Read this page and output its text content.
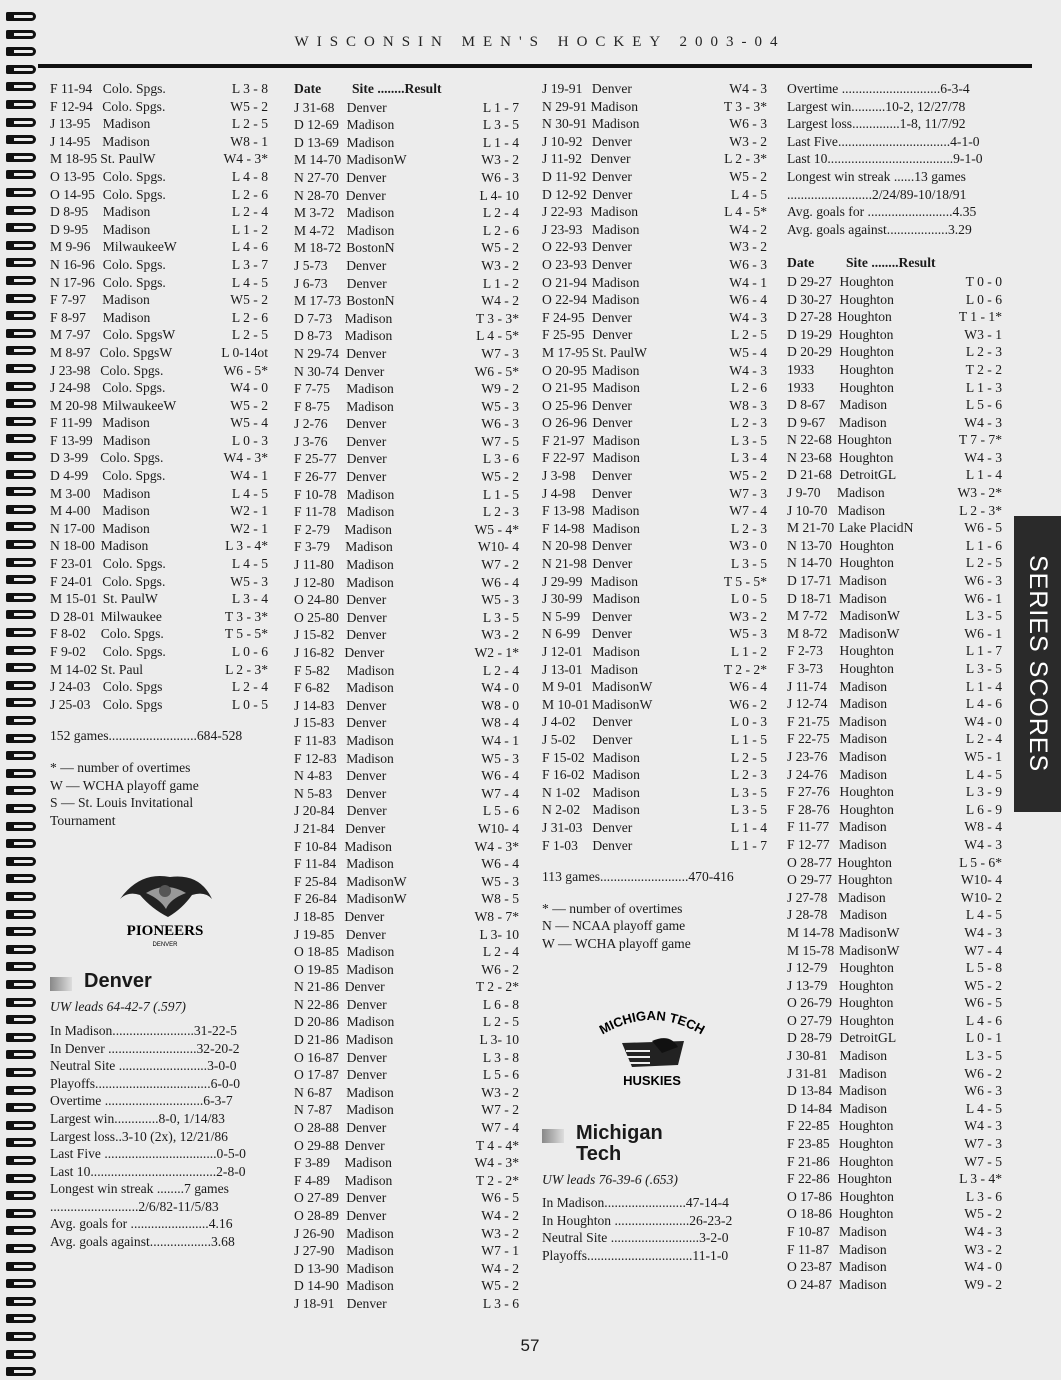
WISCONSIN MEN'S HOCKEY 2003-04
F 11-94 Colo. Spgs.	L 3 - 8
F 12-94 Colo. Spgs.	W5 - 2
J 13-95 Madison	L 2 - 5
J 14-95 Madison	W8 - 1
M 18-95 St. PaulW	W4 - 3*
O 13-95 Colo. Spgs.	L 4 - 8
O 14-95 Colo. Spgs.	L 2 - 6
D 8-95	Madison	L 2 - 4
D 9-95	Madison	L 1 - 2
M 9-96 MilwaukeeW	L 4 - 6
N 16-96 Colo. Spgs.	L 3 - 7
N 17-96 Colo. Spgs.	L 4 - 5
F 7-97	Madison	W5 - 2
F 8-97	Madison	L 2 - 6
M 7-97 Colo. SpgsW	L 2 - 5
M 8-97 Colo. SpgsW	L 0-14ot
J 23-98 Colo. Spgs.	W6 - 5*
J 24-98 Colo. Spgs.	W4 - 0
M 20-98 MilwaukeeW	W5 - 2
F 11-99 Madison	W5 - 4
F 13-99 Madison	L 0 - 3
D 3-99 Colo. Spgs.	W4 - 3*
D 4-99	Colo. Spgs.	W4 - 1
M 3-00 Madison	L 4 - 5
M 4-00 Madison	W2 - 1
N 17-00 Madison	W2 - 1
N 18-00 Madison	L 3 - 4*
F 23-01 Colo. Spgs.	L 4 - 5
F 24-01 Colo. Spgs.	W5 - 3
M 15-01 St. PaulW	L 3 - 4
D 28-01 Milwaukee	T 3 - 3*
F 8-02	Colo. Spgs.	T 5 - 5*
F 9-02	Colo. Spgs.	L 0 - 6
M 14-02 St. Paul	L 2 - 3*
J 24-03 Colo. Spgs	L 2 - 4
J 25-03 Colo. Spgs	L 0 - 5
152 games..........................684-528
* — number of overtimes
W — WCHA playoff game
S — St. Louis Invitational
Tournament
PIONEERS
DENVER
Denver
UW leads 64-42-7 (.597)
In Madison........................31-22-5
In Denver ..........................32-20-2
Neutral Site ..........................3-0-0
Playoffs..................................6-0-0
Overtime .............................6-3-7
Largest win.............8-0, 1/14/83
Largest loss..3-10 (2x), 12/21/86
Last Five .................................0-5-0
Last 10.....................................2-8-0
Longest win streak ........7 games
..........................2/6/82-11/5/83
Avg. goals for .......................4.16
Avg. goals against..................3.68
Date	Site ........Result
J 31-68 Denver	L 1 - 7
D 12-69 Madison	L 3 - 5
D 13-69 Madison	L 1 - 4
M 14-70 MadisonW	W3 - 2
N 27-70 Denver	W6 - 3
N 28-70 Denver	L 4- 10
M 3-72 Madison	L 2 - 4
M 4-72 Madison	L 2 - 6
M 18-72 BostonN	W5 - 2
J 5-73	Denver	W3 - 2
J 6-73	Denver	L 1 - 2
M 17-73 BostonN	W4 - 2
D 7-73 Madison	T 3 - 3*
D 8-73 Madison	L 4 - 5*
N 29-74 Denver	W7 - 3
N 30-74 Denver	W6 - 5*
F 7-75	Madison	W9 - 2
F 8-75	Madison	W5 - 3
J 2-76	Denver	W6 - 3
J 3-76	Denver	W7 - 5
F 25-77 Denver	L 3 - 6
F 26-77 Denver	W5 - 2
F 10-78 Madison	L 1 - 5
F 11-78 Madison	L 2 - 3
F 2-79	Madison	W5 - 4*
F 3-79	Madison	W10- 4
J 11-80 Madison	W7 - 2
J 12-80 Madison	W6 - 4
O 24-80 Denver	W5 - 3
O 25-80 Denver	L 3 - 5
J 15-82 Denver	W3 - 2
J 16-82 Denver	W2 - 1*
F 5-82	Madison	L 2 - 4
F 6-82	Madison	W4 - 0
J 14-83 Denver	W8 - 0
J 15-83 Denver	W8 - 4
F 11-83 Madison	W4 - 1
F 12-83 Madison	W5 - 3
N 4-83	Denver	W6 - 4
N 5-83	Denver	W7 - 4
J 20-84 Denver	L 5 - 6
J 21-84 Denver	W10- 4
F 10-84 Madison	W4 - 3*
F 11-84 Madison	W6 - 4
F 25-84 MadisonW	W5 - 3
F 26-84 MadisonW	W8 - 5
J 18-85 Denver	W8 - 7*
J 19-85 Denver	L 3- 10
O 18-85 Madison	L 2 - 4
O 19-85 Madison	W6 - 2
N 21-86 Denver	T 2 - 2*
N 22-86 Denver	L 6 - 8
D 20-86 Madison	L 2 - 5
D 21-86 Madison	L 3- 10
O 16-87 Denver	L 3 - 8
O 17-87 Denver	L 5 - 6
N 6-87	Madison	W3 - 2
N 7-87	Madison	W7 - 2
O 28-88 Denver	W7 - 4
O 29-88 Denver	T 4 - 4*
F 3-89	Madison	W4 - 3*
F 4-89	Madison	T 2 - 2*
O 27-89 Denver	W6 - 5
O 28-89 Denver	W4 - 2
J 26-90 Madison	W3 - 2
J 27-90 Madison	W7 - 1
D 13-90 Madison	W4 - 2
D 14-90 Madison	W5 - 2
J 18-91 Denver	L 3 - 6
J 19-91 Denver	W4 - 3
N 29-91 Madison	T 3 - 3*
N 30-91 Madison	W6 - 3
J 10-92 Denver	W3 - 2
J 11-92 Denver	L 2 - 3*
D 11-92 Denver	W5 - 2
D 12-92 Denver	L 4 - 5
J 22-93 Madison	L 4 - 5*
J 23-93 Madison	W4 - 2
O 22-93 Denver	W3 - 2
O 23-93 Denver	W6 - 3
O 21-94 Madison	W4 - 1
O 22-94 Madison	W6 - 4
F 24-95 Denver	W4 - 3
F 25-95 Denver	L 2 - 5
M 17-95 St. PaulW	W5 - 4
O 20-95 Madison	W4 - 3
O 21-95 Madison	L 2 - 6
O 25-96 Denver	W8 - 3
O 26-96 Denver	L 2 - 3
F 21-97 Madison	L 3 - 5
F 22-97 Madison	L 3 - 4
J 3-98	Denver	W5 - 2
J 4-98	Denver	W7 - 3
F 13-98 Madison	W7 - 4
F 14-98 Madison	L 2 - 3
N 20-98 Denver	W3 - 0
N 21-98 Denver	L 3 - 5
J 29-99 Madison	T 5 - 5*
J 30-99 Madison	L 0 - 5
N 5-99 Denver	W3 - 2
N 6-99 Denver	W5 - 3
J 12-01 Madison	L 1 - 2
J 13-01 Madison	T 2 - 2*
M 9-01 MadisonW	W6 - 4
M 10-01 MadisonW	W6 - 2
J 4-02	Denver	L 0 - 3
J 5-02	Denver	L 1 - 5
F 15-02 Madison	L 2 - 5
F 16-02 Madison	L 2 - 3
N 1-02 Madison	L 3 - 5
N 2-02 Madison	L 3 - 5
J 31-03 Denver	L 1 - 4
F 1-03	Denver	L 1 - 7
113 games..........................470-416
* — number of overtimes
N — NCAA playoff game
W — WCHA playoff game
MICHIGAN TECH
HUSKIES
Michigan
Tech
UW leads 76-39-6 (.653)
In Madison........................47-14-4
In Houghton ......................26-23-2
Neutral Site ..........................3-2-0
Playoffs...............................11-1-0
Overtime .............................6-3-4
Largest win..........10-2, 12/27/78
Largest loss..............1-8, 11/7/92
Last Five.................................4-1-0
Last 10.....................................9-1-0
Longest win streak ......13 games
.........................2/24/89-10/18/91
Avg. goals for .........................4.35
Avg. goals against..................3.29
Date	Site ........Result
D 29-27 Houghton	T 0 - 0
D 30-27 Houghton	L 0 - 6
D 27-28 Houghton	T 1 - 1*
D 19-29 Houghton	W3 - 1
D 20-29 Houghton	L 2 - 3
1933	Houghton	T 2 - 2
1933	Houghton	L 1 - 3
D 8-67	Madison	L 5 - 6
D 9-67	Madison	W4 - 3
N 22-68 Houghton	T 7 - 7*
N 23-68 Houghton	W4 - 3
D 21-68 DetroitGL	L 1 - 4
J 9-70	Madison	W3 - 2*
J 10-70 Madison	L 2 - 3*
M 21-70 Lake PlacidN	W6 - 5
N 13-70 Houghton	L 1 - 6
N 14-70 Houghton	L 2 - 5
D 17-71 Madison	W6 - 3
D 18-71 Madison	W6 - 1
M 7-72 MadisonW	L 3 - 5
M 8-72 MadisonW	W6 - 1
F 2-73	Houghton	L 1 - 7
F 3-73	Houghton	L 3 - 5
J 11-74 Madison	L 1 - 4
J 12-74 Madison	L 4 - 6
F 21-75 Madison	W4 - 0
F 22-75 Madison	L 2 - 4
J 23-76 Madison	W5 - 1
J 24-76 Madison	L 4 - 5
F 27-76 Houghton	L 3 - 9
F 28-76 Houghton	L 6 - 9
F 11-77 Madison	W8 - 4
F 12-77 Madison	W4 - 3
O 28-77 Houghton	L 5 - 6*
O 29-77 Houghton	W10- 4
J 27-78 Madison	W10- 2
J 28-78 Madison	L 4 - 5
M 14-78 MadisonW	W4 - 3
M 15-78 MadisonW	W7 - 4
J 12-79 Houghton	L 5 - 8
J 13-79 Houghton	W5 - 2
O 26-79 Houghton	W6 - 5
O 27-79 Houghton	L 4 - 6
D 28-79 DetroitGL	L 0 - 1
J 30-81 Madison	L 3 - 5
J 31-81 Madison	W6 - 2
D 13-84 Madison	W6 - 3
D 14-84 Madison	L 4 - 5
F 22-85 Houghton	W4 - 3
F 23-85 Houghton	W7 - 3
F 21-86 Houghton	W7 - 5
F 22-86 Houghton	L 3 - 4*
O 17-86 Houghton	L 3 - 6
O 18-86 Houghton	W5 - 2
F 10-87 Madison	W4 - 3
F 11-87 Madison	W3 - 2
O 23-87 Madison	W4 - 0
O 24-87 Madison	W9 - 2
SERIES SCORES
57
